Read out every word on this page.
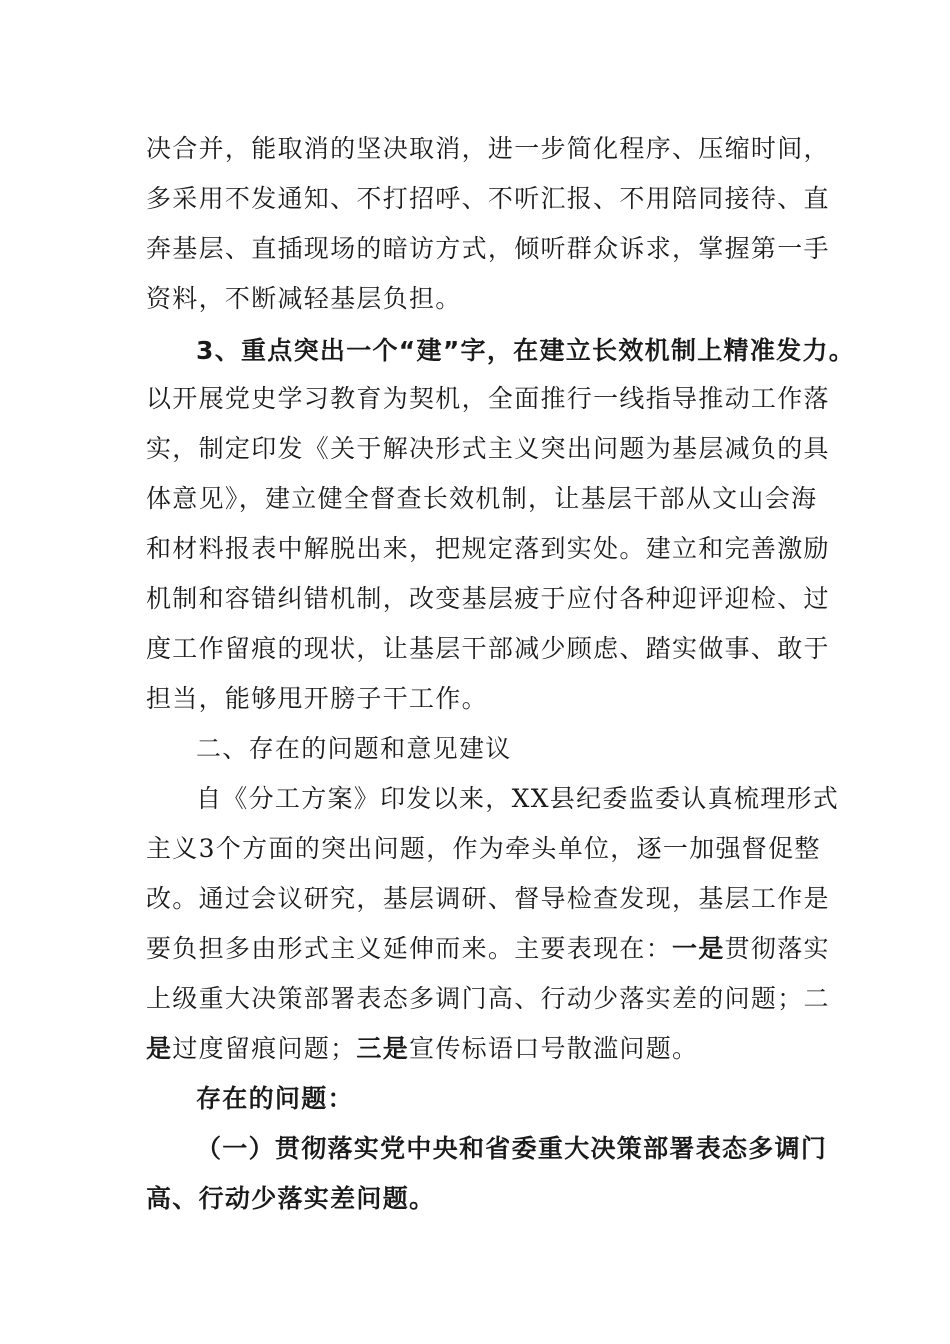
决合并，能取消的坚决取消，进一步简化程序、压缩时间，
多采用不发通知、不打招呼、不听汇报、不用陪同接待、直
奔基层、直插现场的暗访方式，倾听群众诉求，掌握第一手
资料，不断减轻基层负担。
3、重点突出一个“建”字，在建立长效机制上精准发力。
以开展党史学习教育为契机，全面推行一线指导推动工作落
实，制定印发《关于解决形式主义突出问题为基层减负的具
体意见》，建立健全督查长效机制，让基层干部从文山会海
和材料报表中解脱出来，把规定落到实处。建立和完善激励
机制和容错纠错机制，改变基层疲于应付各种迎评迎检、过
度工作留痕的现状，让基层干部减少顾虑、踏实做事、敢于
担当，能够甩开膀子干工作。
二、存在的问题和意见建议
自《分工方案》印发以来，XX县纪委监委认真梳理形式
主义3个方面的突出问题，作为牵头单位，逐一加强督促整
改。通过会议研究，基层调研、督导检查发现，基层工作是
要负担多由形式主义延伸而来。主要表现在：一是贯彻落实
上级重大决策部署表态多调门高、行动少落实差的问题；二
是过度留痕问题；三是宣传标语口号散滥问题。
存在的问题：
（一）贯彻落实党中央和省委重大决策部署表态多调门
高、行动少落实差问题。
